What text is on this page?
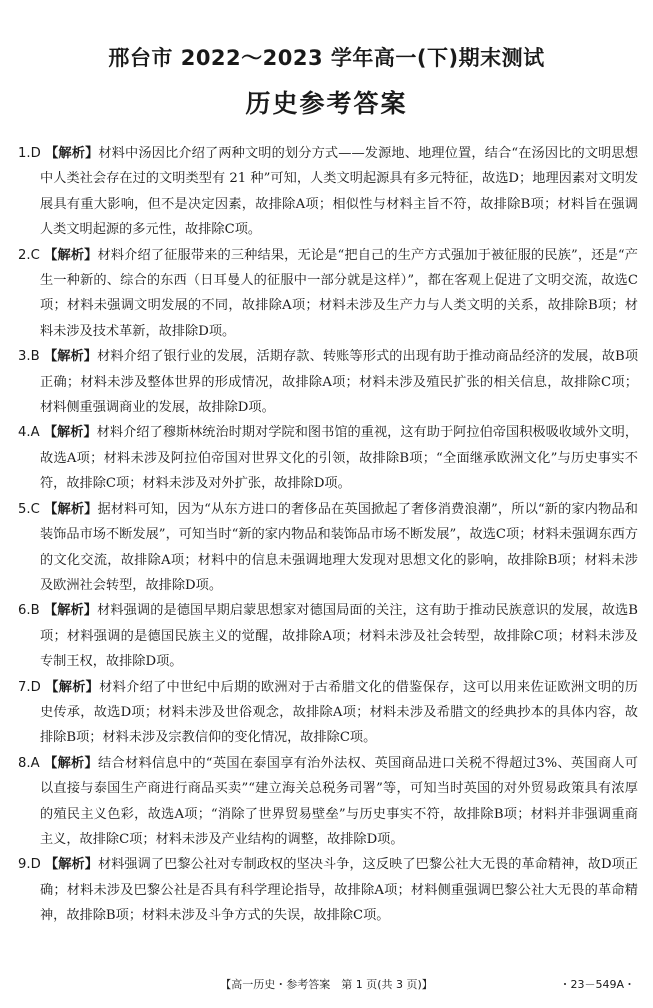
邢台市 2022～2023 学年高一(下)期末测试
历史参考答案

1.D 【解析】材料中汤因比介绍了两种文明的划分方式——发源地、地理位置，结合“在汤因比的文明思想中人类社会存在过的文明类型有 21 种”可知，人类文明起源具有多元特征，故选D；地理因素对文明发展具有重大影响，但不是决定因素，故排除A项；相似性与材料主旨不符，故排除B项；材料旨在强调人类文明起源的多元性，故排除C项。

2.C 【解析】材料介绍了征服带来的三种结果，无论是“把自己的生产方式强加于被征服的民族”，还是“产生一种新的、综合的东西（日耳曼人的征服中一部分就是这样）”，都在客观上促进了文明交流，故选C项；材料未强调文明发展的不同，故排除A项；材料未涉及生产力与人类文明的关系，故排除B项；材料未涉及技术革新，故排除D项。

3.B 【解析】材料介绍了银行业的发展，活期存款、转账等形式的出现有助于推动商品经济的发展，故B项正确；材料未涉及整体世界的形成情况，故排除A项；材料未涉及殖民扩张的相关信息，故排除C项；材料侧重强调商业的发展，故排除D项。

4.A 【解析】材料介绍了穆斯林统治时期对学院和图书馆的重视，这有助于阿拉伯帝国积极吸收域外文明，故选A项；材料未涉及阿拉伯帝国对世界文化的引领，故排除B项；“全面继承欧洲文化”与历史事实不符，故排除C项；材料未涉及对外扩张，故排除D项。

5.C 【解析】据材料可知，因为“从东方进口的奢侈品在英国掀起了奢侈消费浪潮”，所以“新的家内物品和装饰品市场不断发展”，可知当时“新的家内物品和装饰品市场不断发展”，故选C项；材料未强调东西方的文化交流，故排除A项；材料中的信息未强调地理大发现对思想文化的影响，故排除B项；材料未涉及欧洲社会转型，故排除D项。

6.B 【解析】材料强调的是德国早期启蒙思想家对德国局面的关注，这有助于推动民族意识的发展，故选B项；材料强调的是德国民族主义的觉醒，故排除A项；材料未涉及社会转型，故排除C项；材料未涉及专制王权，故排除D项。

7.D 【解析】材料介绍了中世纪中后期的欧洲对于古希腊文化的借鉴保存，这可以用来佐证欧洲文明的历史传承，故选D项；材料未涉及世俗观念，故排除A项；材料未涉及希腊文的经典抄本的具体内容，故排除B项；材料未涉及宗教信仰的变化情况，故排除C项。

8.A 【解析】结合材料信息中的“英国在泰国享有治外法权、英国商品进口关税不得超过3%、英国商人可以直接与泰国生产商进行商品买卖”“建立海关总税务司署”等，可知当时英国的对外贸易政策具有浓厚的殖民主义色彩，故选A项；“消除了世界贸易壁垒”与历史事实不符，故排除B项；材料并非强调重商主义，故排除C项；材料未涉及产业结构的调整，故排除D项。

9.D 【解析】材料强调了巴黎公社对专制政权的坚决斗争，这反映了巴黎公社大无畏的革命精神，故D项正确；材料未涉及巴黎公社是否具有科学理论指导，故排除A项；材料侧重强调巴黎公社大无畏的革命精神，故排除B项；材料未涉及斗争方式的失误，故排除C项。

【高一历史・参考答案　第 1 页(共 3 页)】	・23－549A・
